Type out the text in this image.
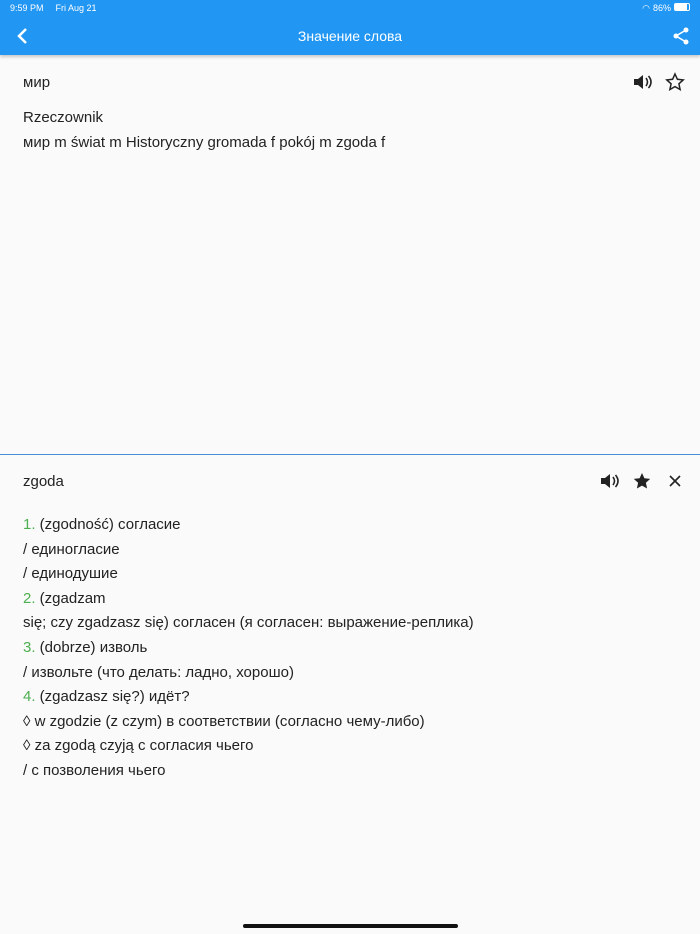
9:59 PM Fri Aug 21	◠ 86%
Значение слова
мир
Rzeczownik
мир m świat m Historyczny gromada f pokój m zgoda f
zgoda
1. (zgodność) согласие
/ единогласие
/ единодушие
2. (zgadzam
się; czy zgadzasz się) согласен (я согласен: выражение-реплика)
3. (dobrze) изволь
/ извольте (что делать: ладно, хорошо)
4. (zgadzasz się?) идёт?
◊ w zgodzie (z czym) в соответствии (согласно чему-либо)
◊ za zgodą czyją с согласия чьего
/ с позволения чьего
